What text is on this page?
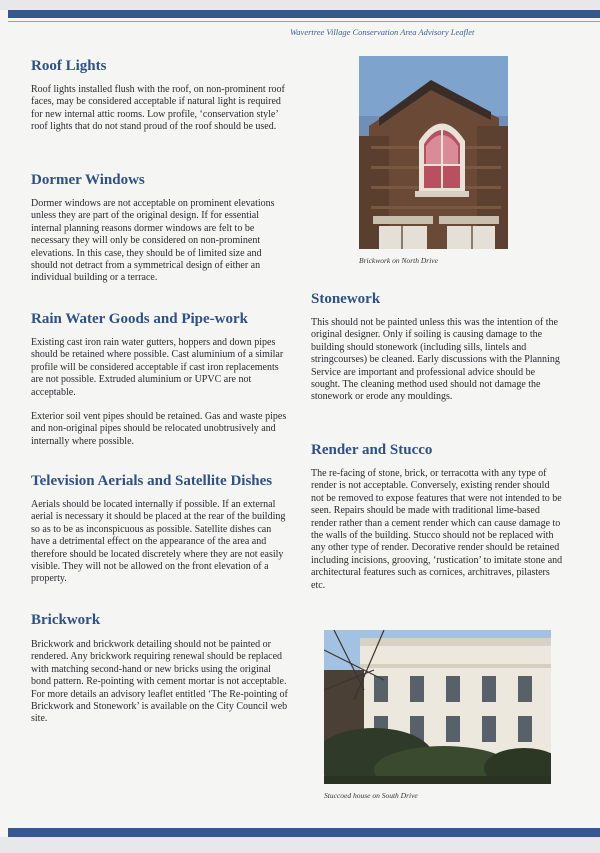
Wavertree Village Conservation Area Advisory Leaflet
Roof Lights

Roof lights installed flush with the roof, on non-prominent roof faces, may be considered acceptable if natural light is required for new internal attic rooms. Low profile, ‘conservation style’ roof lights that do not stand proud of the roof should be used.

Dormer Windows

Dormer windows are not acceptable on prominent elevations unless they are part of the original design. If for essential internal planning reasons dormer windows are felt to be necessary they will only be considered on non-prominent elevations. In this case, they should be of limited size and should not detract from a symmetrical design of either an individual building or a terrace.

Rain Water Goods and Pipe-work

Existing cast iron rain water gutters, hoppers and down pipes should be retained where possible. Cast aluminium of a similar profile will be considered acceptable if cast iron replacements are not possible. Extruded aluminium or UPVC are not acceptable.

Exterior soil vent pipes should be retained. Gas and waste pipes and non-original pipes should be relocated unobtrusively and internally where possible.

Television Aerials and Satellite Dishes

Aerials should be located internally if possible. If an external aerial is necessary it should be placed at the rear of the building so as to be as inconspicuous as possible. Satellite dishes can have a detrimental effect on the appearance of the area and therefore should be located discretely where they are not easily visible. They will not be allowed on the front elevation of a property.

Brickwork

Brickwork and brickwork detailing should not be painted or rendered. Any brickwork requiring renewal should be replaced with matching second-hand or new bricks using the original bond pattern. Re-pointing with cement mortar is not acceptable. For more details an advisory leaflet entitled ‘The Re-pointing of Brickwork and Stonework’ is available on the City Council web site.

Brickwork on North Drive

Stonework

This should not be painted unless this was the intention of the original designer. Only if soiling is causing damage to the building should stonework (including sills, lintels and stringcourses) be cleaned. Early discussions with the Planning Service are important and professional advice should be sought. The cleaning method used should not damage the stonework or erode any mouldings.

Render and Stucco

The re-facing of stone, brick, or terracotta with any type of render is not acceptable. Conversely, existing render should not be removed to expose features that were not intended to be seen. Repairs should be made with traditional lime-based render rather than a cement render which can cause damage to the walls of the building. Stucco should not be replaced with any other type of render. Decorative render should be retained including incisions, grooving, ‘rustication’ to imitate stone and architectural features such as cornices, architraves, pilasters etc.

Stuccoed house on South Drive
